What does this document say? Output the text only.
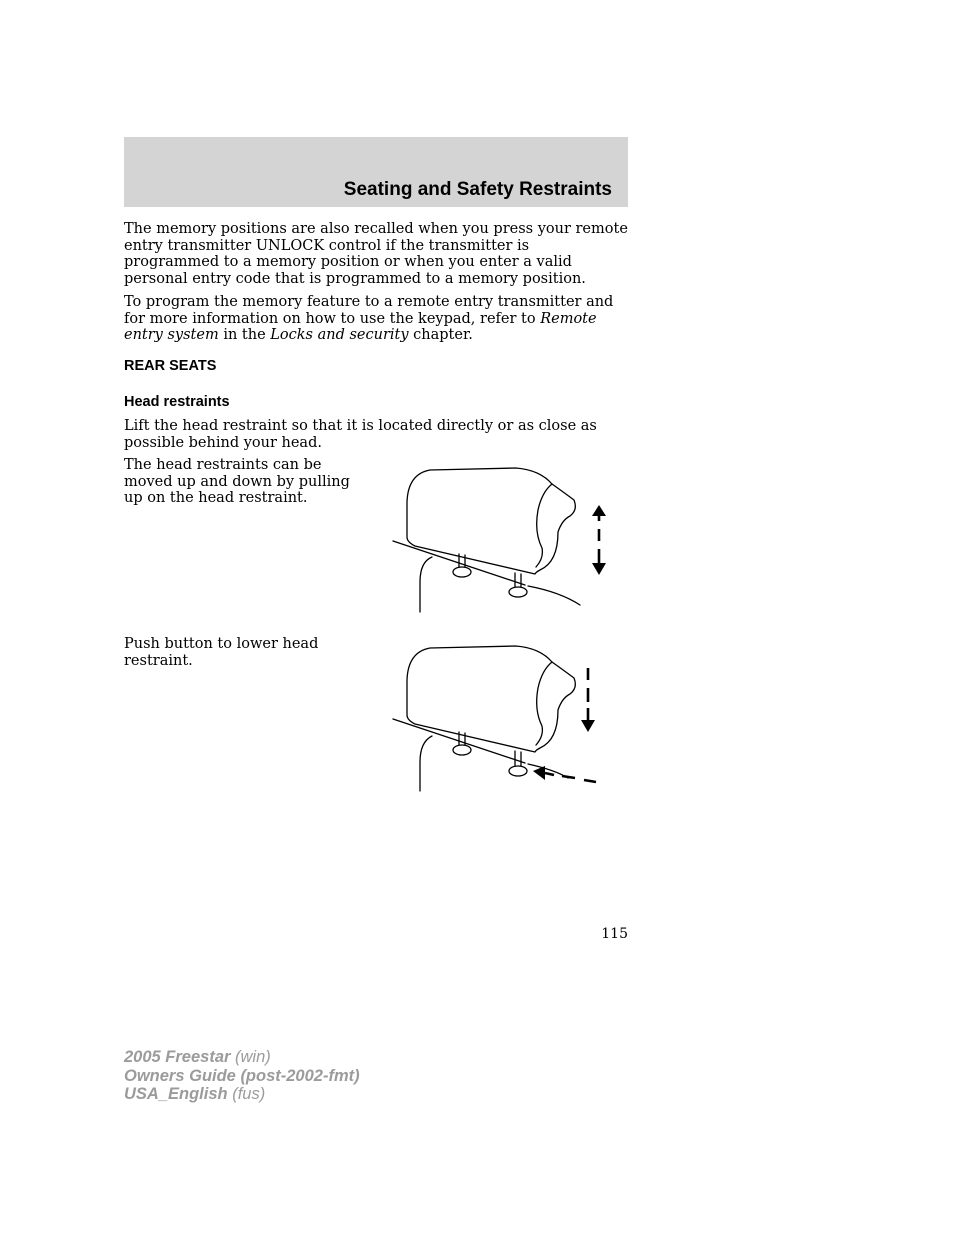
Seating and Safety Restraints

The memory positions are also recalled when you press your remote entry transmitter UNLOCK control if the transmitter is programmed to a memory position or when you enter a valid personal entry code that is programmed to a memory position.

To program the memory feature to a remote entry transmitter and for more information on how to use the keypad, refer to Remote entry system in the Locks and security chapter.

REAR SEATS
Head restraints

Lift the head restraint so that it is located directly or as close as possible behind your head.

The head restraints can be moved up and down by pulling up on the head restraint.

Push button to lower head restraint.

115
2005 Freestar (win)
Owners Guide (post-2002-fmt)
USA_English (fus)
